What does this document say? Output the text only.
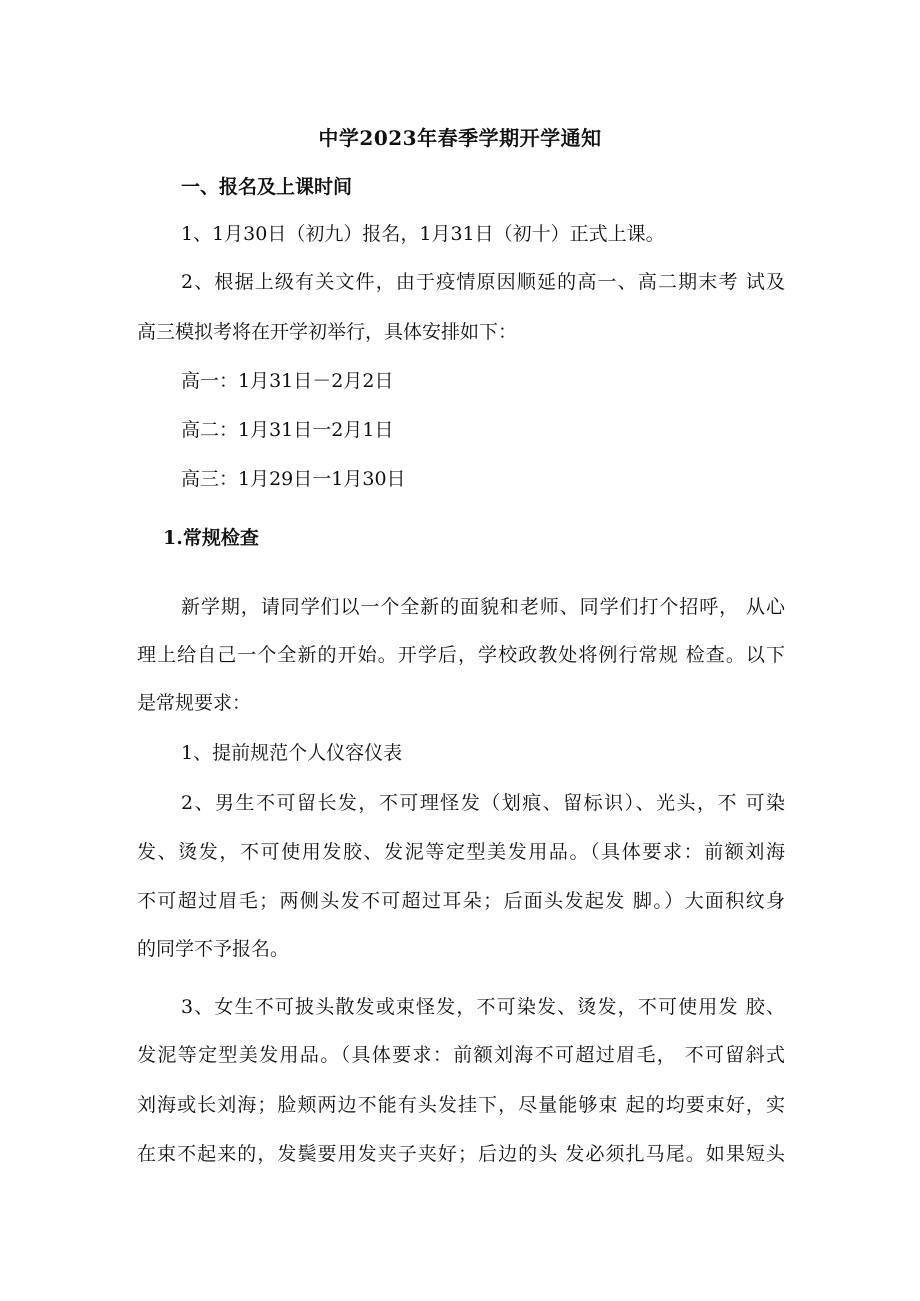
中学2023年春季学期开学通知
一、报名及上课时间
1、1月30日（初九）报名，1月31日（初十）正式上课。
2、根据上级有关文件，由于疫情原因顺延的高一、高二期末考 试及
高三模拟考将在开学初举行，具体安排如下：
高一：1月31日－2月2日
高二：1月31日一2月1日
高三：1月29日一1月30日
1.常规检查
新学期，请同学们以一个全新的面貌和老师、同学们打个招呼， 从心
理上给自己一个全新的开始。开学后，学校政教处将例行常规 检查。以下
是常规要求：
1、提前规范个人仪容仪表
2、男生不可留长发，不可理怪发（划痕、留标识）、光头，不 可染
发、烫发，不可使用发胶、发泥等定型美发用品。（具体要求：前额刘海
不可超过眉毛；两侧头发不可超过耳朵；后面头发起发 脚。）大面积纹身
的同学不予报名。
3、女生不可披头散发或束怪发，不可染发、烫发，不可使用发 胶、
发泥等定型美发用品。（具体要求：前额刘海不可超过眉毛， 不可留斜式
刘海或长刘海；脸颊两边不能有头发挂下，尽量能够束 起的均要束好，实
在束不起来的，发鬓要用发夹子夹好；后边的头 发必须扎马尾。如果短头
